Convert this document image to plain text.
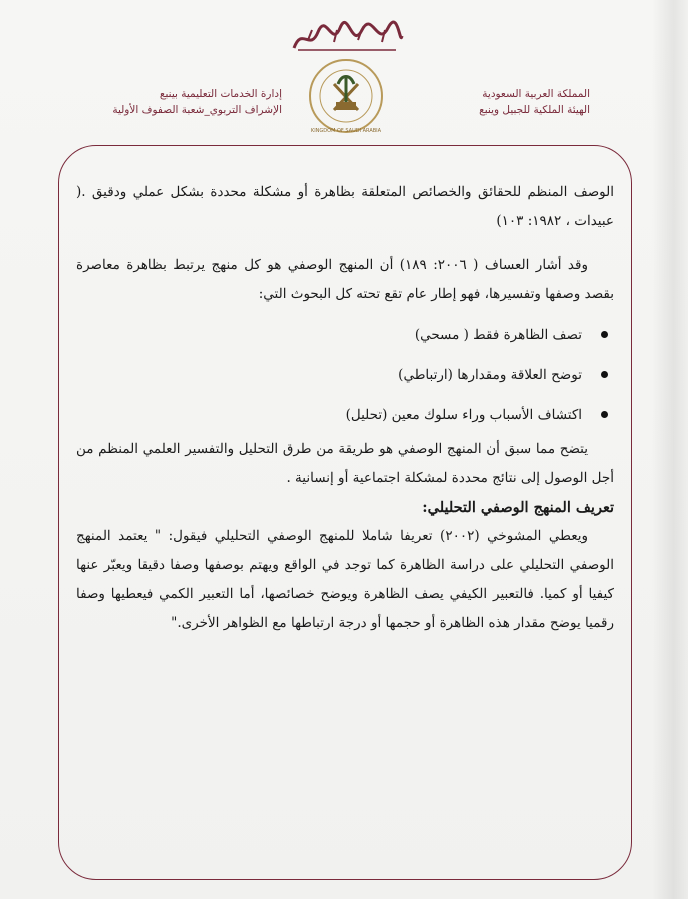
KINGDOM OF SAUDI ARABIA
المملكة العربية السعودية
الهيئة الملكية للجبيل وينبع
إدارة الخدمات التعليمية بينبع
الإشراف التربوي_شعبة الصفوف الأولية

الوصف المنظم للحقائق والخصائص المتعلقة بظاهرة أو مشكلة محددة بشكل عملي ودقيق .( عبيدات ، ١٩٨٢: ١٠٣)

وقد أشار العساف ( ٢٠٠٦: ١٨٩) أن المنهج الوصفي هو كل منهج يرتبط بظاهرة معاصرة بقصد وصفها وتفسيرها، فهو إطار عام تقع تحته كل البحوث التي:

تصف الظاهرة فقط ( مسحي)
توضح العلاقة ومقدارها (ارتباطي)
اكتشاف الأسباب وراء سلوك معين (تحليل)

يتضح مما سبق أن المنهج الوصفي هو طريقة من طرق التحليل والتفسير العلمي المنظم من أجل الوصول إلى نتائج محددة لمشكلة اجتماعية أو إنسانية .

تعريف المنهج الوصفي التحليلي:

ويعطي المشوخي (٢٠٠٢) تعريفا شاملا للمنهج الوصفي التحليلي فيقول: " يعتمد المنهج الوصفي التحليلي على دراسة الظاهرة كما توجد في الواقع ويهتم بوصفها وصفا دقيقا ويعبّر عنها كيفيا أو كميا. فالتعبير الكيفي يصف الظاهرة ويوضح خصائصها، أما التعبير الكمي فيعطيها وصفا رقميا يوضح مقدار هذه الظاهرة أو حجمها أو درجة ارتباطها مع الظواهر الأخرى."
